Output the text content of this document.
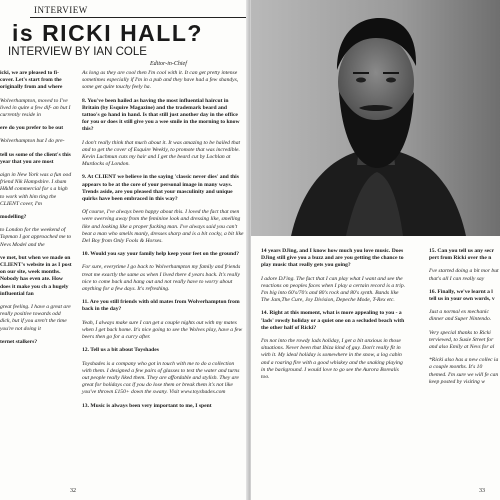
INTERVIEW
is RICKI HALL?
INTERVIEW BY IAN COLE
Editor-in-Chief

icki, we are pleased to fi- cover. Let's start from the originally from and where

Wolverhampton, moved to I've lived in quite a few dif- an but I currently reside in

ere do you prefer to be out

Wolverhampton but I do pre-

tell us some of the client's this year that you are most

aign in New York was a fun ood friend Nik Hampshire. I sham H&M commercial for s a high to work with him ting the CLIENT cover, I'm

modelling?

to London for the weekend of Topman I got approached me to Nevs Model and the

ve met, but when we made on CLIENT's website in as I post on our site, week months. Nobody has even ate. How does it make you ch a hugely influential fan

great feeling. I have a great are really positive towards odd dick, but if you aren't the time you're not doing it

ternet stalkers?

As long as they are cool then I'm cool with it. It can get pretty intense sometimes especially if I'm in a pub and they have had a few shandys, some get quite touchy feely ha.

8. You've been hailed as having the most influential haircut in Britain (by Esquire Magazine) and the trademark beard and tattoo's go hand in hand. Is that still just another day in the office for you or does it still give you a wee smile in the morning to know this?

I don't really think that much about it. It was amazing to be hailed that and to get the cover of Esquire Weekly, to promote that was incredible. Kevin Luchmun cuts my hair and I get the beard cut by Lochlan at Murdocks of London.

9. At CLIENT we believe in the saying 'classic never dies' and this appears to be at the core of your personal image in many ways. Trends aside, are you pleased that your masculinity and unique quirks have been embraced in this way?

Of course, I've always been happy about this. I loved the fact that men were swerving away from the feminine look and dressing like, smelling like and looking like a proper fucking man. I've always said you can't beat a man who smells manly, dresses sharp and is a bit cocky, a bit like Del Boy from Only Fools & Horses.

10. Would you say your family help keep your feet on the ground?

For sure, everytime I go back to Wolverhampton my family and friends treat me exactly the same as when I lived there 4 years back. It's really nice to come back and hang out and not really have to worry about anything for a few days. It's refreshing.

11. Are you still friends with old mates from Wolverhampton from back in the day?

Yeah, I always make sure I can get a couple nights out with my mates when I get back home. It's nice going to see the Wolves play, have a few beers then go for a curry after.

12. Tell us a bit about Toyshades

Toyshades is a company who got in touch with me to do a collection with them. I designed a few pairs of glasses to test the water and turns out people really liked them. They are affordable and stylish. They are great for holidays coz if you do lose them or break them it's not like you've thrown £150+ down the swany. Visit www.toyshades.com

13. Music is always been very important to me, I spent

32

14 years DJing, and I know how much you love music. Does DJing still give you a buzz and are you getting the chance to play music that really gets you going?

I adore DJ'ing. The fact that I can play what I want and see the reactions on peoples faces when I play a certain record is a trip. I'm big into 60's/70's and 80's rock and 80's synth. Bands like The Jam,The Cure, Joy Division, Depeche Mode, T-Rex etc.

14. Right at this moment, what is more appealing to you - a 'lads' rowdy holiday or a quiet one on a secluded beach with the other half of Ricki?

I'm not into the rowdy lads holiday, I get a bit anxious in those situations. Never been that Ibiza kind of guy. Don't really fit in with it. My ideal holiday is somewhere in the snow, a log cabin and a roaring fire with a good whiskey and the snaking playing in the background. I would love to go see the Aurora Borealis too.

15. Can you tell us any secr pert from Ricki over the n

I've started doing a bit mor but that's all I can really say

16. Finally, we've learnt a l tell us in your own words, v

Just a normal ex mechanic dinner and Super Nintendo.

Very special thanks to Ricki terviewed, to Susie Street for and also Emily at Nevs for al

*Ricki also has a new collec ia a couple months. It's 10 themed. I'm sure we will fe can keep posted by visiting w

33
